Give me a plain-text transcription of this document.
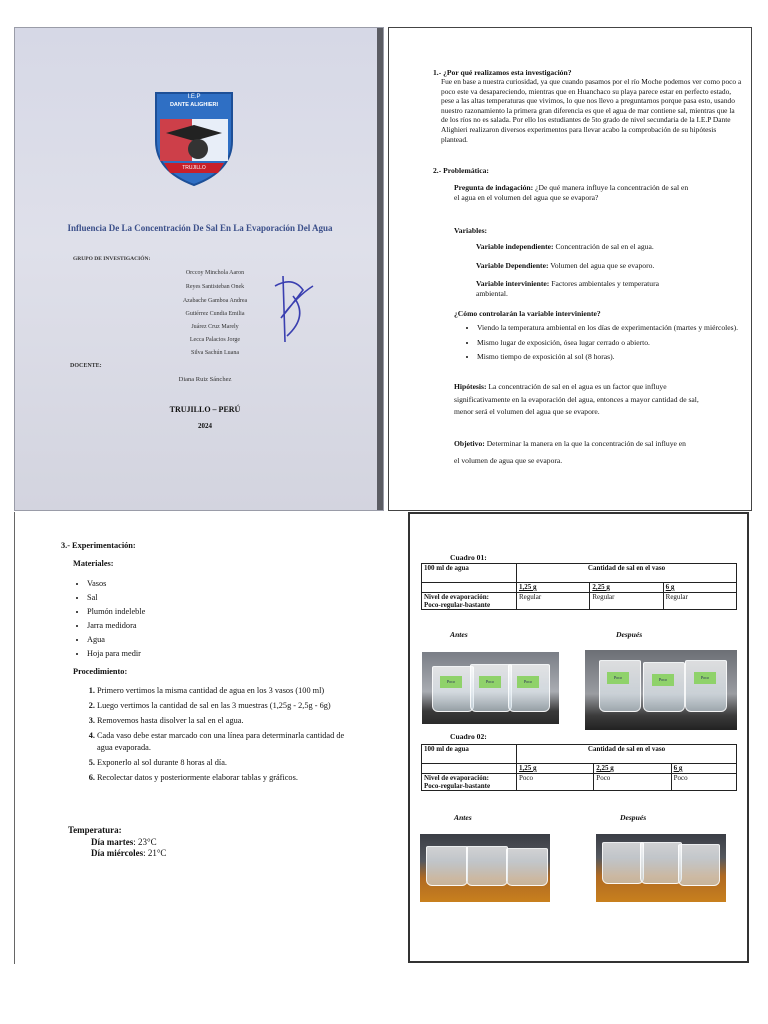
I.E.P
DANTE ALIGHIERI
TRUJILLO
Influencia De La Concentración De Sal En La Evaporación Del Agua
GRUPO DE INVESTIGACIÓN:
Orccoy Minchola Aaron
Reyes Santisteban Onek
Azabache Gamboa Andrea
Gutiérrez Cundia Emilia
Juárez Cruz Marely
Lecca Palacios Jorge
Silva Sachún Luana
DOCENTE:
Diana Ruiz Sánchez
TRUJILLO – PERÚ
2024
1.- ¿Por qué realizamos esta investigación?
Fue en base a nuestra curiosidad, ya que cuando pasamos por el río Moche podemos ver como poco a poco este va desapareciendo, mientras que en Huanchaco su playa parece estar en perfecto estado, pese a las altas temperaturas que vivimos, lo que nos llevo a preguntarnos porque pasa esto, usando nuestro razonamiento la primera gran diferencia es que el agua de mar contiene sal, mientras que la de los ríos no es salada. Por ello los estudiantes de 5to grado de nivel secundaria de la I.E.P Dante Alighieri realizaron diversos experimentos para llevar acabo la comprobación de su hipótesis plantead.
2.- Problemática:
Pregunta de indagación: ¿De qué manera influye la concentración de sal en el agua en el volumen del agua que se evapora?
Variables:
Variable independiente: Concentración de sal en el agua.
Variable Dependiente: Volumen del agua que se evaporo.
Variable interviniente: Factores ambientales y temperatura ambiental.
¿Cómo controlarán la variable interviniente?
• Viendo la temperatura ambiental en los días de experimentación (martes y miércoles).
• Mismo lugar de exposición, ósea lugar cerrado o abierto.
• Mismo tiempo de exposición al sol (8 horas).
Hipótesis: La concentración de sal en el agua es un factor que influye significativamente en la evaporación del agua, entonces a mayor cantidad de sal, menor será el volumen del agua que se evapore.
Objetivo: Determinar la manera en la que la concentración de sal influye en el volumen de agua que se evapora.
3.- Experimentación:
Materiales:
• Vasos
• Sal
• Plumón indeleble
• Jarra medidora
• Agua
• Hoja para medir
Procedimiento:
1. Primero vertimos la misma cantidad de agua en los 3 vasos (100 ml)
2. Luego vertimos la cantidad de sal en las 3 muestras (1,25g - 2,5g - 6g)
3. Removemos hasta disolver la sal en el agua.
4. Cada vaso debe estar marcado con una línea para determinarla cantidad de agua evaporada.
5. Exponerlo al sol durante 8 horas al día.
6. Recolectar datos y posteriormente elaborar tablas y gráficos.
Temperatura:
Día martes: 23°C
Día miércoles: 21°C
Cuadro 01:
100 ml de agua	Cantidad de sal en el vaso		
	1,25 g	2,25 g	6 g
Nivel de evaporación:
Poco-regular-bastante	Regular	Regular	Regular
Antes	Después
Poco	Poco	Poco
Poco	Poco	Poco
Cuadro 02:
100 ml de agua	Cantidad de sal en el vaso		
	1,25 g	2,25 g	6 g
Nivel de evaporación:
Poco-regular-bastante	Poco	Poco	Poco
Antes	Después
